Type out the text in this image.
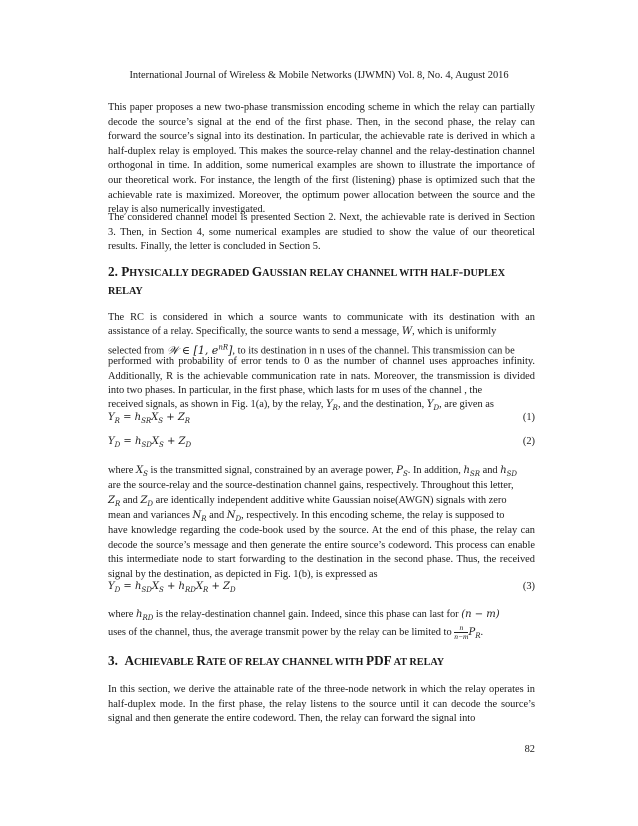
International Journal of Wireless & Mobile Networks (IJWMN) Vol. 8, No. 4, August 2016

This paper proposes a new two-phase transmission encoding scheme in which the relay can partially decode the source’s signal at the end of the first phase. Then, in the second phase, the relay can forward the source’s signal into its destination. In particular, the achievable rate is derived in which a half-duplex relay is employed. This makes the source-relay channel and the relay-destination channel orthogonal in time. In addition, some numerical examples are shown to illustrate the importance of our theoretical work. For instance, the length of the first (listening) phase is optimized such that the achievable rate is maximized. Moreover, the optimum power allocation between the source and the relay is also numerically investigated.

The considered channel model is presented Section 2. Next, the achievable rate is derived in Section 3. Then, in Section 4, some numerical examples are studied to show the value of our theoretical results. Finally, the letter is concluded in Section 5.

2. PHYSICALLY DEGRADED GAUSSIAN RELAY CHANNEL WITH HALF-DUPLEX
RELAY
The RC is considered in which a source wants to communicate with its destination with an
assistance of a relay. Specifically, the source wants to send a message, W, which is uniformly
selected from 𝒲 ∈ [1, $e^{nR}$], to its destination in n uses of the channel. This transmission can be

performed with probability of error tends to 0 as the number of channel uses approaches infinity. Additionally, R is the achievable communication rate in nats. Moreover, the transmission is divided into two phases. In particular, in the first phase, which lasts for m uses of the channel , the

received signals, as shown in Fig. 1(a), by the relay, $Y_R$, and the destination, $Y_D$, are given as
$Y_R = h_{SR}X_S + Z_R$	(1)
$Y_D = h_{SD}X_S + Z_D$	(2)
where $X_S$ is the transmitted signal, constrained by an average power, $P_S$. In addition, $h_{SR}$ and $h_{SD}$
are the source-relay and the source-destination channel gains, respectively. Throughout this letter,
$Z_R$ and $Z_D$ are identically independent additive white Gaussian noise(AWGN) signals with zero
mean and variances $N_R$ and $N_D$, respectively. In this encoding scheme, the relay is supposed to

have knowledge regarding the code-book used by the source. At the end of this phase, the relay can decode the source’s message and then generate the entire source’s codeword. This process can enable this intermediate node to start forwarding to the destination in the second phase. Thus, the received signal by the destination, as depicted in Fig. 1(b), is expressed as

$Y_D = h_{SD}X_S + h_{RD}X_R + Z_D$	(3)
where $h_{RD}$ is the relay-destination channel gain. Indeed, since this phase can last for (n − m)
uses of the channel, thus, the average transmit power by the relay can be limited to $\frac{n}{n-m} P_R$.
3. ACHIEVABLE RATE OF RELAY CHANNEL WITH PDF AT RELAY

In this section, we derive the attainable rate of the three-node network in which the relay operates in half-duplex mode. In the first phase, the relay listens to the source until it can decode the source’s signal and then generate the entire codeword. Then, the relay can forward the signal into

82
